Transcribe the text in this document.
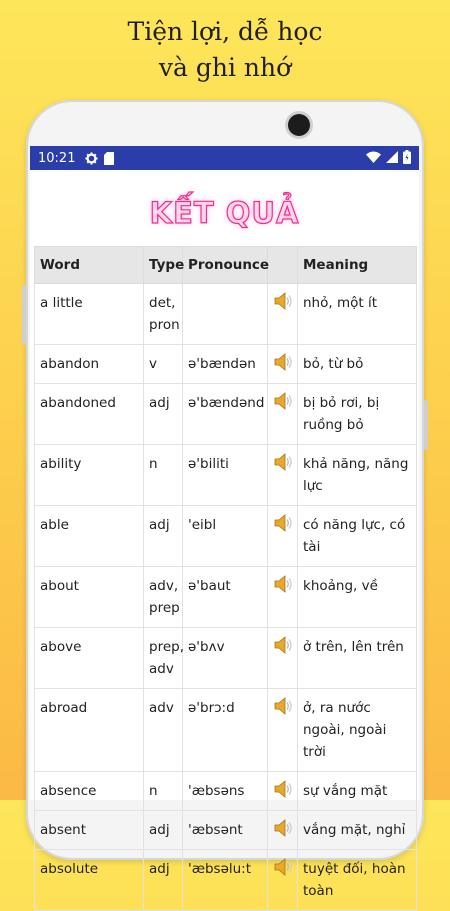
Tiện lợi, dễ học
và ghi nhớ
10:21
KẾT QUẢ
Word	Type	Pronounce		Meaning
a little	det, pron			nhỏ, một ít
abandon	v	ə'bændən		bỏ, từ bỏ
abandoned	adj	ə'bændənd		bị bỏ rơi, bị ruồng bỏ
ability	n	ə'biliti		khả năng, năng lực
able	adj	'eibl		có năng lực, có tài
about	adv, prep	ə'baut		khoảng, về
above	prep, adv	ə'bʌv		ở trên, lên trên
abroad	adv	ə'brɔ:d		ở, ra nước ngoài, ngoài trời
absence	n	'æbsəns		sự vắng mặt
absent	adj	'æbsənt		vắng mặt, nghỉ
absolute	adj	'æbsəlu:t		tuyệt đối, hoàn toàn
